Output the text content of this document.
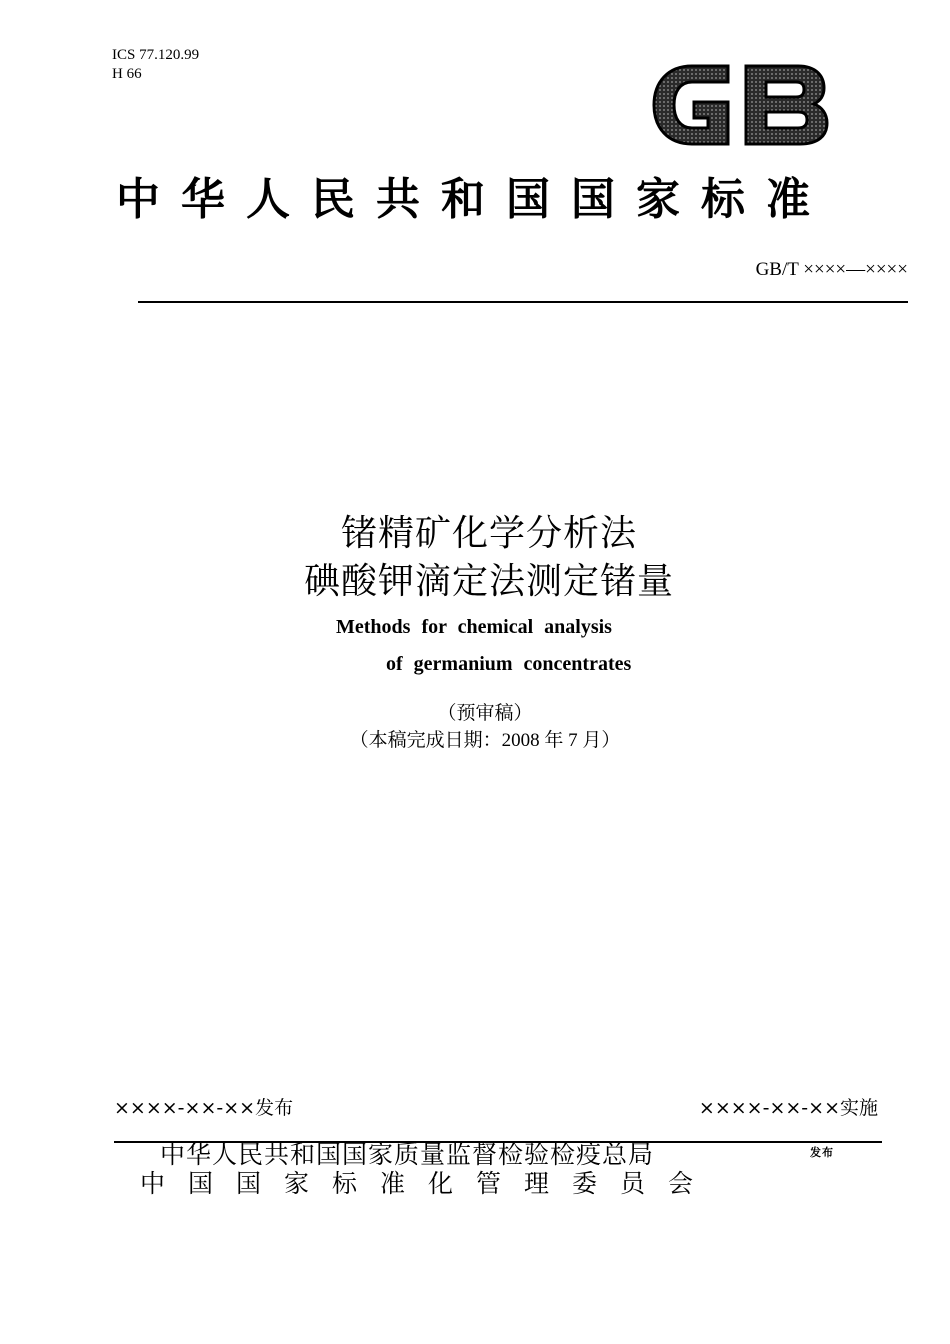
ICS 77.120.99
H 66
中华人民共和国国家标准
GB/T ××××—××××
锗精矿化学分析法
碘酸钾滴定法测定锗量
Methods for chemical analysis
of germanium concentrates
（预审稿）
（本稿完成日期：2008 年 7 月）
××××-××-××发布	××××-××-××实施
中华人民共和国国家质量监督检验检疫总局	发布
中国国家标准化管理委员会
